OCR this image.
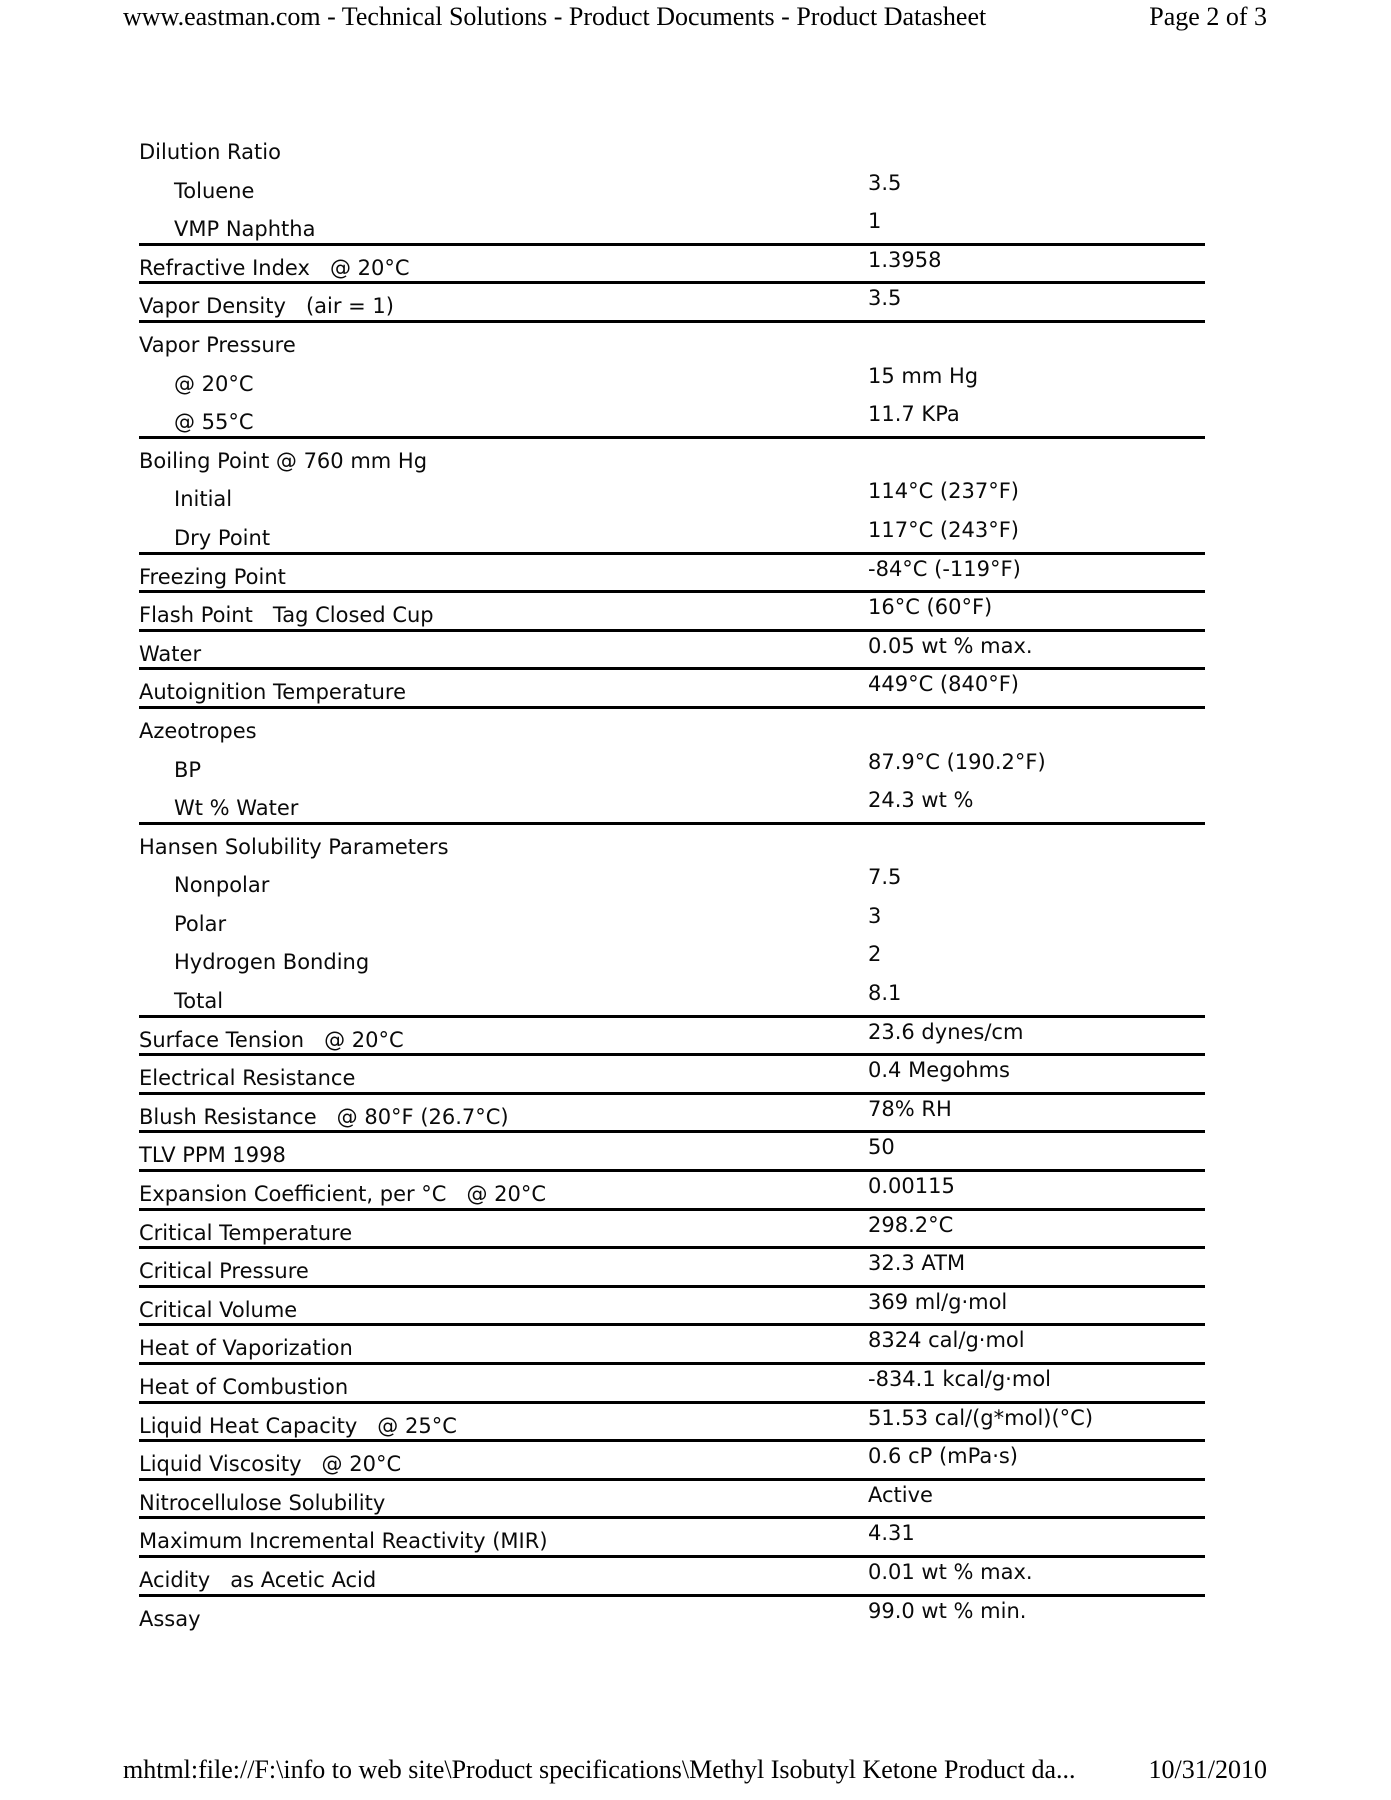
www.eastman.com - Technical Solutions - Product Documents - Product Datasheet	Page 2 of 3
Dilution Ratio
Toluene	3.5
VMP Naphtha	1
Refractive Index   @ 20°C	1.3958
Vapor Density   (air = 1)	3.5
Vapor Pressure
@ 20°C	15 mm Hg
@ 55°C	11.7 KPa
Boiling Point @ 760 mm Hg
Initial	114°C (237°F)
Dry Point	117°C (243°F)
Freezing Point	-84°C (-119°F)
Flash Point   Tag Closed Cup	16°C (60°F)
Water	0.05 wt % max.
Autoignition Temperature	449°C (840°F)
Azeotropes
BP	87.9°C (190.2°F)
Wt % Water	24.3 wt %
Hansen Solubility Parameters
Nonpolar	7.5
Polar	3
Hydrogen Bonding	2
Total	8.1
Surface Tension   @ 20°C	23.6 dynes/cm
Electrical Resistance	0.4 Megohms
Blush Resistance   @ 80°F (26.7°C)	78% RH
TLV PPM 1998	50
Expansion Coefficient, per °C   @ 20°C	0.00115
Critical Temperature	298.2°C
Critical Pressure	32.3 ATM
Critical Volume	369 ml/g·mol
Heat of Vaporization	8324 cal/g·mol
Heat of Combustion	-834.1 kcal/g·mol
Liquid Heat Capacity   @ 25°C	51.53 cal/(g*mol)(°C)
Liquid Viscosity   @ 20°C	0.6 cP (mPa·s)
Nitrocellulose Solubility	Active
Maximum Incremental Reactivity (MIR)	4.31
Acidity   as Acetic Acid	0.01 wt % max.
Assay	99.0 wt % min.
mhtml:file://F:\info to web site\Product specifications\Methyl Isobutyl Ketone Product da...	10/31/2010
